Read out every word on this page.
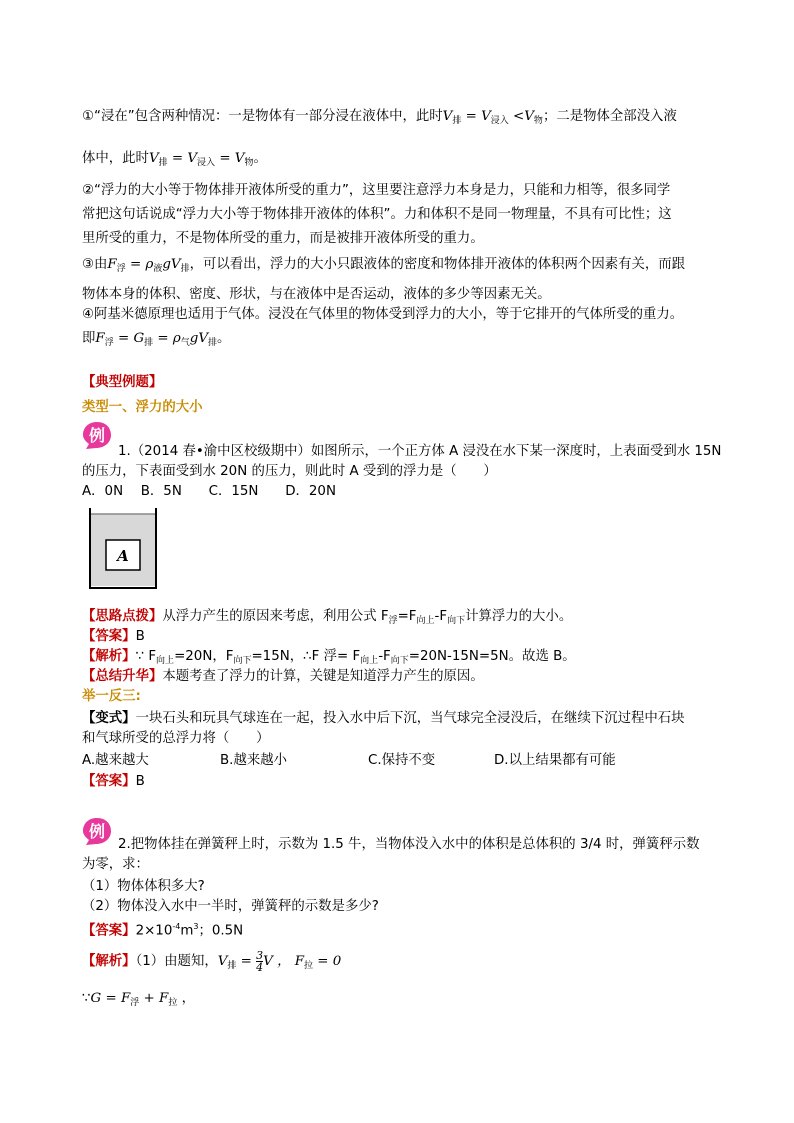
①“浸在”包含两种情况：一是物体有一部分浸在液体中，此时$V_排 = V_{浸入} <V_物$；二是物体全部没入液
体中，此时$V_排 = V_{浸入} = V_物$。
②“浮力的大小等于物体排开液体所受的重力”，这里要注意浮力本身是力，只能和力相等，很多同学
常把这句话说成“浮力大小等于物体排开液体的体积”。力和体积不是同一物理量，不具有可比性；这
里所受的重力，不是物体所受的重力，而是被排开液体所受的重力。
③由$F_浮 = \rho_液gV_排$，可以看出，浮力的大小只跟液体的密度和物体排开液体的体积两个因素有关，而跟
物体本身的体积、密度、形状，与在液体中是否运动，液体的多少等因素无关。
④阿基米德原理也适用于气体。浸没在气体里的物体受到浮力的大小，等于它排开的气体所受的重力。
即$F_浮 = G_排 = \rho_气gV_排$。
【典型例题】
类型一、浮力的大小
例
1.（2014 春•渝中区校级期中）如图所示，一个正方体 A 浸没在水下某一深度时，上表面受到水 15N
的压力，下表面受到水 20N 的压力，则此时 A 受到的浮力是（　　）
A．0N　 B．5N　　C．15N　　D．20N
A
【思路点拨】从浮力产生的原因来考虑，利用公式 $F_浮=F_{向上}-F_{向下}$计算浮力的大小。
【答案】B
【解析】∵ $F_{向上}=20N$，$F_{向下}=15N$，∴F 浮= $F_{向上}-F_{向下}=20N-15N=5N$。故选 B。
【总结升华】本题考查了浮力的计算，关键是知道浮力产生的原因。
举一反三:
【变式】一块石头和玩具气球连在一起，投入水中后下沉，当气球完全浸没后，在继续下沉过程中石块
和气球所受的总浮力将（　　）
A.越来越大	B.越来越小	C.保持不变	D.以上结果都有可能
【答案】B
例
2.把物体挂在弹簧秤上时，示数为 1.5 牛，当物体没入水中的体积是总体积的 3/4 时，弹簧秤示数
为零，求：
（1）物体体积多大?
（2）物体没入水中一半时，弹簧秤的示数是多少?
【答案】$2\times 10^{-4}m^3$；0.5N
【解析】（1）由题知，$V_排 = \frac{3}{4}$ V ， $F_拉 = 0$
∵G = $F_浮 + F_拉$ ，
